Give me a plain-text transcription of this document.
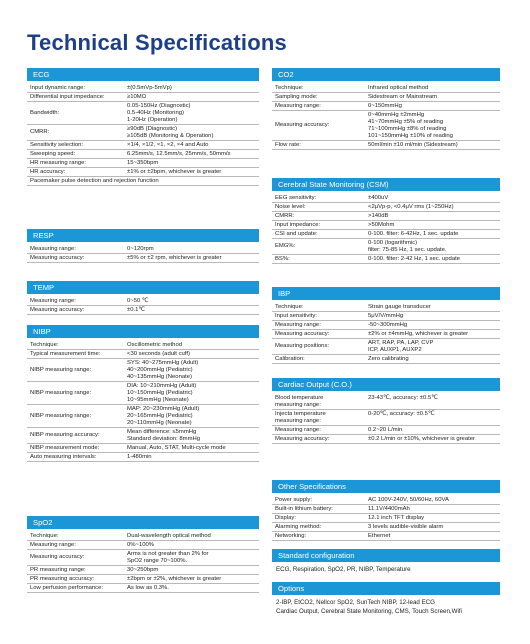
Technical Specifications
ECG
Input dynamic range:	±(0.5mVp-5mVp)
Differential input impedance:	≥10MΩ
Bandwidth:
0.05-150Hz (Diagnostic)
0.5-40Hz (Monitoring)
1-20Hz (Operation)
CMRR:
≥90dB (Diagnostic)
≥105dB (Monitoring & Operation)
Sensitivity selection:	×1/4, ×1/2, ×1, ×2, ×4 and Auto
Sweeping speed:	6.25mm/s, 12.5mm/s, 25mm/s, 50mm/s
HR measuring range:	15~350bpm
HR accuracy:	±1% or ±2bpm, whichever is greater
Pacemaker pulse detection and rejection function
RESP
Measuring range:	0~120rpm
Measuring accuracy:	±5% or ±2 rpm, whichever is greater
TEMP
Measuring range:	0~50 ℃
Measuring accuracy:	±0.1℃
NIBP
Technique:	Oscillometric method
Typical measurement time:	<30 seconds (adult cuff)
NIBP measuring range:
SYS: 40~275mmHg (Adult)
40~200mmHg (Pediatric)
40~135mmHg (Neonate)
NIBP measuring range:
DIA: 10~210mmHg (Adult)
10~150mmHg (Pediatric)
10~95mmHg (Neonate)
NIBP measuring range:
MAP: 20~230mmHg (Adult)
20~165mmHg (Pediatric)
20~110mmHg (Neonate)
NIBP measuring accuracy:
Mean difference: ≤5mmHg
Standard deviation: 8mmHg
NIBP measurement mode:	Manual, Auto, STAT, Multi-cycle mode
Auto measuring intervals:	1-480min
SpO2
Technique:	Dual-wavelength optical method
Measuring range:	0%~100%
Measuring accuracy:
Arms is not greater than 2% for
SpO2 range 70~100%.
PR measuring range:	30~250bpm
PR measuring accuracy:	±2bpm or ±2%, whichever is greater
Low perfusion performance:	As low as 0.3%.
CO2
Technique:	Infrared optical method
Sampling mode:	Sidestream or Mainstream
Measuring range:	0~150mmHg
Measuring accuracy:
0~40mmHg ±2mmHg
41~70mmHg ±5% of reading
71~100mmHg ±8% of reading
101~150mmHg ±10% of reading
Flow rate:	50ml/min ±10 ml/min (Sidestream)
Cerebral State Monitoring (CSM)
EEG sensitivity:	±400uV
Noise level:	<2μVp-p, <0.4μV rms (1~250Hz)
CMRR:	>140dB
Input impedance:	>50Mohm
CSI and update:	0-100. filter: 6-42Hz, 1 sec. update
EMG%:
0-100 (logarithmic)
filter: 75-85 Hz, 1 sec. update.
BS%:	0-100. filter: 2-42 Hz, 1 sec. update
IBP
Technique:	Strain gauge transducer
Input sensitivity:	5μV/V/mmHg
Measuring range:	-50~300mmHg
Measuring accuracy:	±2% or ±4mmHg, whichever is greater
Measuring positions:
ART, RAP, PA, LAP, CVP
ICP, AUXP1, AUXP2
Calibration:	Zero calibrating
Cardiac Output (C.O.)
Blood temperature
measuring range:
23-43℃, accuracy: ±0.5℃
Injecta temperature
measuring range:
0-20℃, accuracy: ±0.5℃
Measuring range:	0.2~20 L/min
Measuring accuracy:	±0.2 L/min or ±10%, whichever is greater
Other Specifications
Power supply:	AC 100V-240V, 50/60Hz, 60VA
Built-in lithium battery:	11.1V/4400mAh
Display:	12.1 inch TFT display
Alarming method:	3 levels audible-visible alarm
Networking:	Ethernet
Standard configuration
ECG, Respiration, SpO2, PR, NIBP, Temperature
Options
2-IBP, EtCO2, Nellcor SpO2, SunTech NIBP, 12-lead ECG
Cardiac Output, Cerebral State Monitoring, CMS, Touch Screen,Wifi
